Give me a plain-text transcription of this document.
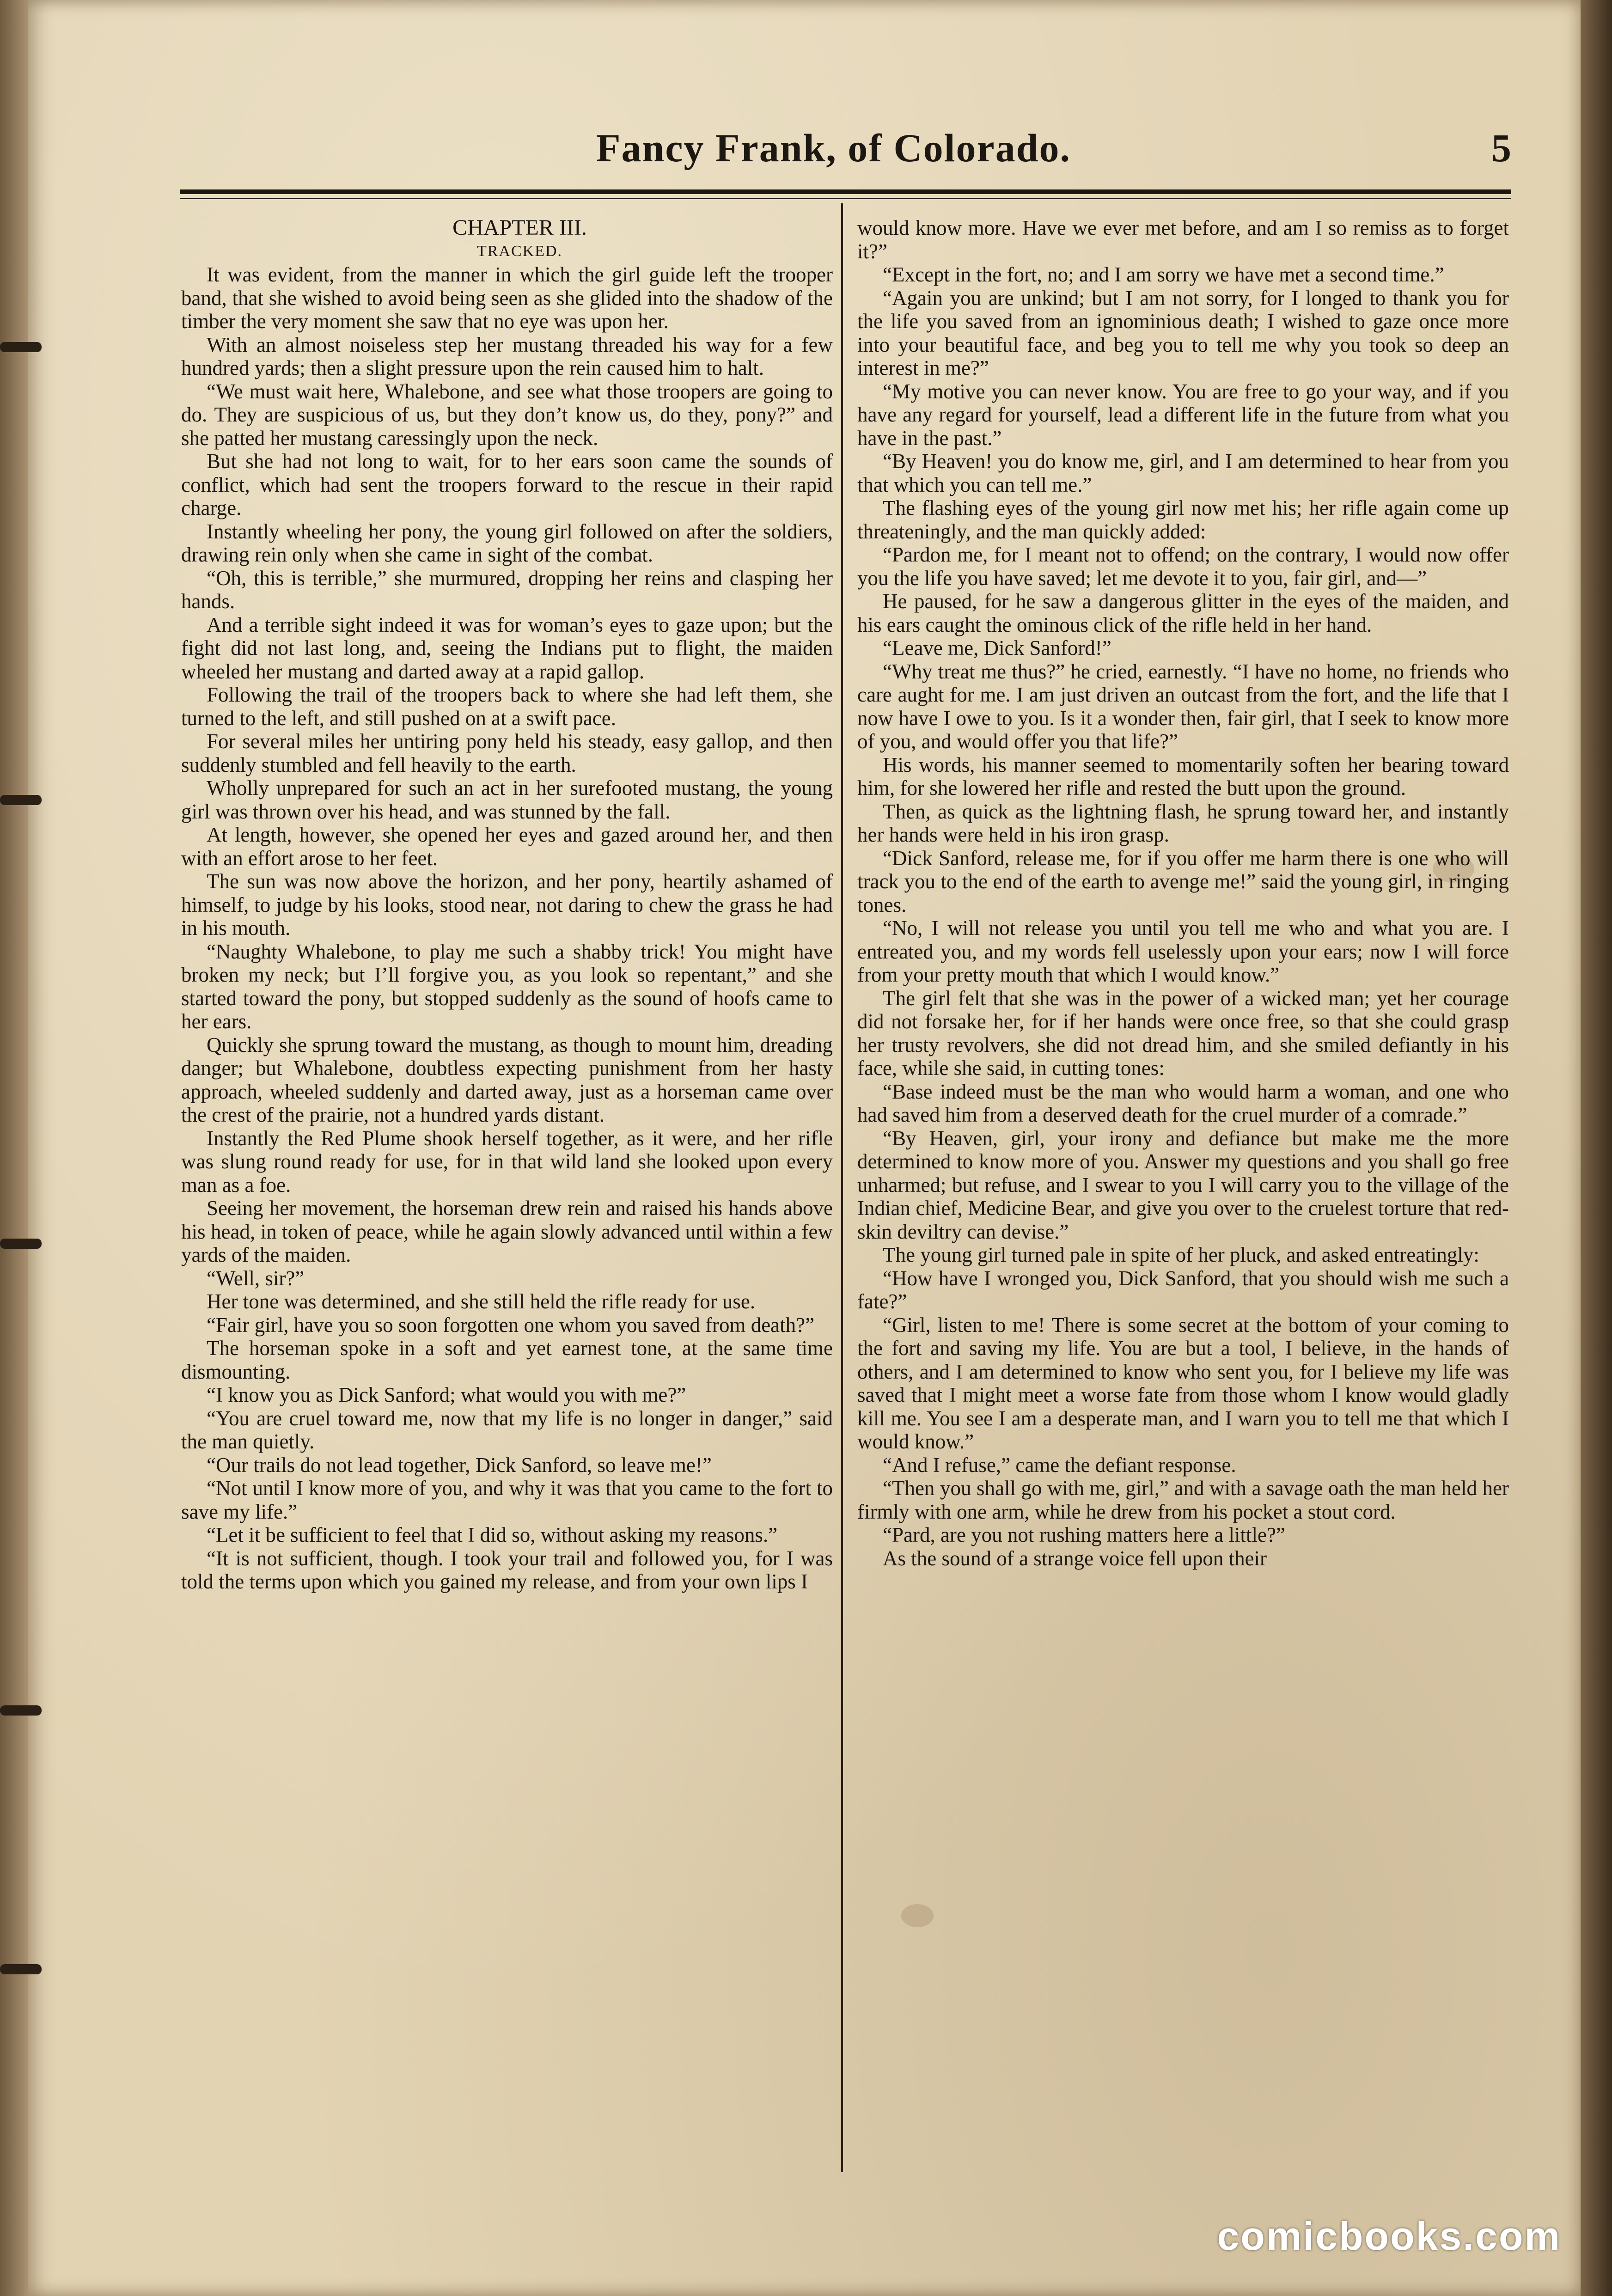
Fancy Frank, of Colorado.	5

CHAPTER III.

TRACKED.

It was evident, from the manner in which the girl guide left the trooper band, that she wished to avoid being seen as she glided into the shadow of the timber the very moment she saw that no eye was upon her.

With an almost noiseless step her mustang threaded his way for a few hundred yards; then a slight pressure upon the rein caused him to halt.

“We must wait here, Whalebone, and see what those troopers are going to do. They are suspicious of us, but they don’t know us, do they, pony?” and she patted her mustang caressingly upon the neck.

But she had not long to wait, for to her ears soon came the sounds of conflict, which had sent the troopers forward to the rescue in their rapid charge.

Instantly wheeling her pony, the young girl followed on after the soldiers, drawing rein only when she came in sight of the combat.

“Oh, this is terrible,” she murmured, dropping her reins and clasping her hands.

And a terrible sight indeed it was for woman’s eyes to gaze upon; but the fight did not last long, and, seeing the Indians put to flight, the maiden wheeled her mustang and darted away at a rapid gallop.

Following the trail of the troopers back to where she had left them, she turned to the left, and still pushed on at a swift pace.

For several miles her untiring pony held his steady, easy gallop, and then suddenly stumbled and fell heavily to the earth.

Wholly unprepared for such an act in her surefooted mustang, the young girl was thrown over his head, and was stunned by the fall.

At length, however, she opened her eyes and gazed around her, and then with an effort arose to her feet.

The sun was now above the horizon, and her pony, heartily ashamed of himself, to judge by his looks, stood near, not daring to chew the grass he had in his mouth.

“Naughty Whalebone, to play me such a shabby trick! You might have broken my neck; but I’ll forgive you, as you look so repentant,” and she started toward the pony, but stopped suddenly as the sound of hoofs came to her ears.

Quickly she sprung toward the mustang, as though to mount him, dreading danger; but Whalebone, doubtless expecting punishment from her hasty approach, wheeled suddenly and darted away, just as a horseman came over the crest of the prairie, not a hundred yards distant.

Instantly the Red Plume shook herself together, as it were, and her rifle was slung round ready for use, for in that wild land she looked upon every man as a foe.

Seeing her movement, the horseman drew rein and raised his hands above his head, in token of peace, while he again slowly advanced until within a few yards of the maiden.

“Well, sir?”

Her tone was determined, and she still held the rifle ready for use.

“Fair girl, have you so soon forgotten one whom you saved from death?”

The horseman spoke in a soft and yet earnest tone, at the same time dismounting.

“I know you as Dick Sanford; what would you with me?”

“You are cruel toward me, now that my life is no longer in danger,” said the man quietly.

“Our trails do not lead together, Dick Sanford, so leave me!”

“Not until I know more of you, and why it was that you came to the fort to save my life.”

“Let it be sufficient to feel that I did so, without asking my reasons.”

“It is not sufficient, though. I took your trail and followed you, for I was told the terms upon which you gained my release, and from your own lips I

would know more. Have we ever met before, and am I so remiss as to forget it?”

“Except in the fort, no; and I am sorry we have met a second time.”

“Again you are unkind; but I am not sorry, for I longed to thank you for the life you saved from an ignominious death; I wished to gaze once more into your beautiful face, and beg you to tell me why you took so deep an interest in me?”

“My motive you can never know. You are free to go your way, and if you have any regard for yourself, lead a different life in the future from what you have in the past.”

“By Heaven! you do know me, girl, and I am determined to hear from you that which you can tell me.”

The flashing eyes of the young girl now met his; her rifle again come up threateningly, and the man quickly added:

“Pardon me, for I meant not to offend; on the contrary, I would now offer you the life you have saved; let me devote it to you, fair girl, and—”

He paused, for he saw a dangerous glitter in the eyes of the maiden, and his ears caught the ominous click of the rifle held in her hand.

“Leave me, Dick Sanford!”

“Why treat me thus?” he cried, earnestly. “I have no home, no friends who care aught for me. I am just driven an outcast from the fort, and the life that I now have I owe to you. Is it a wonder then, fair girl, that I seek to know more of you, and would offer you that life?”

His words, his manner seemed to momentarily soften her bearing toward him, for she lowered her rifle and rested the butt upon the ground.

Then, as quick as the lightning flash, he sprung toward her, and instantly her hands were held in his iron grasp.

“Dick Sanford, release me, for if you offer me harm there is one who will track you to the end of the earth to avenge me!” said the young girl, in ringing tones.

“No, I will not release you until you tell me who and what you are. I entreated you, and my words fell uselessly upon your ears; now I will force from your pretty mouth that which I would know.”

The girl felt that she was in the power of a wicked man; yet her courage did not forsake her, for if her hands were once free, so that she could grasp her trusty revolvers, she did not dread him, and she smiled defiantly in his face, while she said, in cutting tones:

“Base indeed must be the man who would harm a woman, and one who had saved him from a deserved death for the cruel murder of a comrade.”

“By Heaven, girl, your irony and defiance but make me the more determined to know more of you. Answer my questions and you shall go free unharmed; but refuse, and I swear to you I will carry you to the village of the Indian chief, Medicine Bear, and give you over to the cruelest torture that red-skin deviltry can devise.”

The young girl turned pale in spite of her pluck, and asked entreatingly:

“How have I wronged you, Dick Sanford, that you should wish me such a fate?”

“Girl, listen to me! There is some secret at the bottom of your coming to the fort and saving my life. You are but a tool, I believe, in the hands of others, and I am determined to know who sent you, for I believe my life was saved that I might meet a worse fate from those whom I know would gladly kill me. You see I am a desperate man, and I warn you to tell me that which I would know.”

“And I refuse,” came the defiant response.

“Then you shall go with me, girl,” and with a savage oath the man held her firmly with one arm, while he drew from his pocket a stout cord.

“Pard, are you not rushing matters here a little?”

As the sound of a strange voice fell upon their

comicbooks.com
